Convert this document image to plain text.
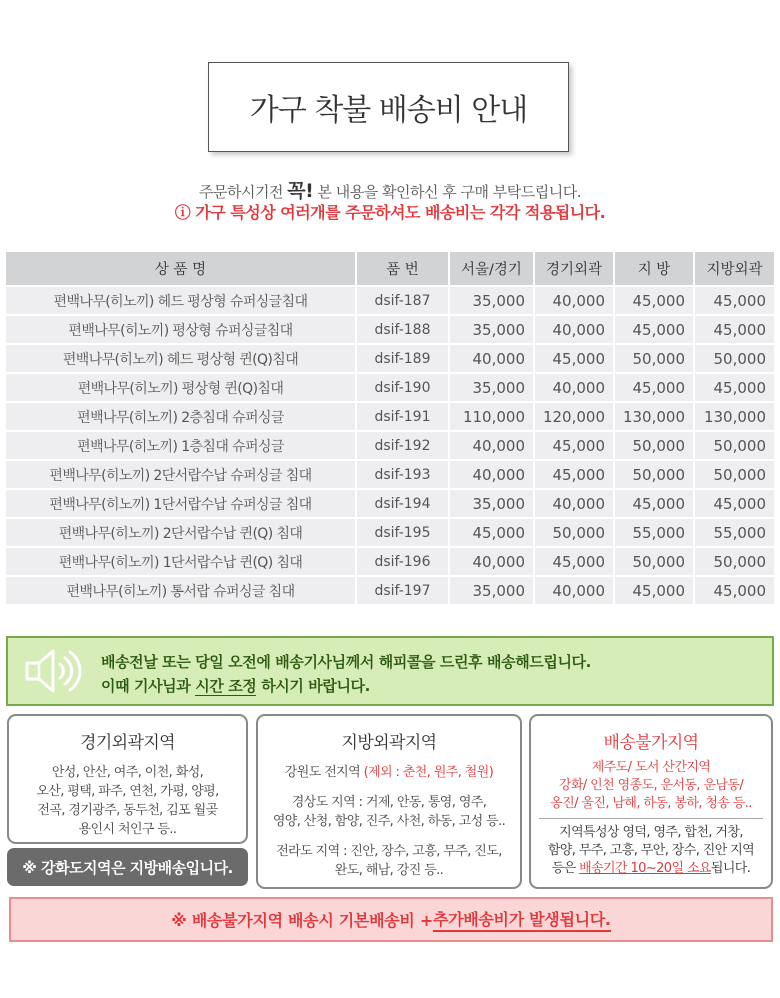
가구 착불 배송비 안내
주문하시기전 꼭! 본 내용을 확인하신 후 구매 부탁드립니다.
ⓘ 가구 특성상 여러개를 주문하셔도 배송비는 각각 적용됩니다.
상 품 명	품 번	서울/경기	경기외곽	지 방	지방외곽
편백나무(히노끼) 헤드 평상형 슈퍼싱글침대	dsif-187	35,000	40,000	45,000	45,000
편백나무(히노끼) 평상형 슈퍼싱글침대	dsif-188	35,000	40,000	45,000	45,000
편백나무(히노끼) 헤드 평상형 퀸(Q)침대	dsif-189	40,000	45,000	50,000	50,000
편백나무(히노끼) 평상형 퀸(Q)침대	dsif-190	35,000	40,000	45,000	45,000
편백나무(히노끼) 2층침대 슈퍼싱글	dsif-191	110,000	120,000	130,000	130,000
편백나무(히노끼) 1층침대 슈퍼싱글	dsif-192	40,000	45,000	50,000	50,000
편백나무(히노끼) 2단서랍수납 슈퍼싱글 침대	dsif-193	40,000	45,000	50,000	50,000
편백나무(히노끼) 1단서랍수납 슈퍼싱글 침대	dsif-194	35,000	40,000	45,000	45,000
편백나무(히노끼) 2단서랍수납 퀸(Q) 침대	dsif-195	45,000	50,000	55,000	55,000
편백나무(히노끼) 1단서랍수납 퀸(Q) 침대	dsif-196	40,000	45,000	50,000	50,000
편백나무(히노끼) 통서랍 슈퍼싱글 침대	dsif-197	35,000	40,000	45,000	45,000
배송전날 또는 당일 오전에 배송기사님께서 해피콜을 드린후 배송해드립니다.
이때 기사님과 시간 조정 하시기 바랍니다.
경기외곽지역
안성, 안산, 여주, 이천, 화성,
오산, 평택, 파주, 연천, 가평, 양평,
전곡, 경기광주, 동두천, 김포 월곶
용인시 처인구 등..
※ 강화도지역은 지방배송입니다.
지방외곽지역
강원도 전지역 (제외 : 춘천, 원주, 철원)
경상도 지역 : 거제, 안동, 통영, 영주,
영양, 산청, 함양, 진주, 사천, 하동, 고성 등..
전라도 지역 : 진안, 장수, 고흥, 무주, 진도,
완도, 해남, 강진 등..
배송불가지역
제주도/ 도서 산간지역
강화/ 인천 영종도, 운서동, 운남동/
옹진/ 울진, 남해, 하동, 봉하, 청송 등..
지역특성상 영덕, 영주, 합천, 거창,
함양, 무주, 고흥, 무안, 장수, 진안 지역
등은 배송기간 10~20일 소요됩니다.
※ 배송불가지역 배송시 기본배송비 + 추가배송비가 발생됩니다.
